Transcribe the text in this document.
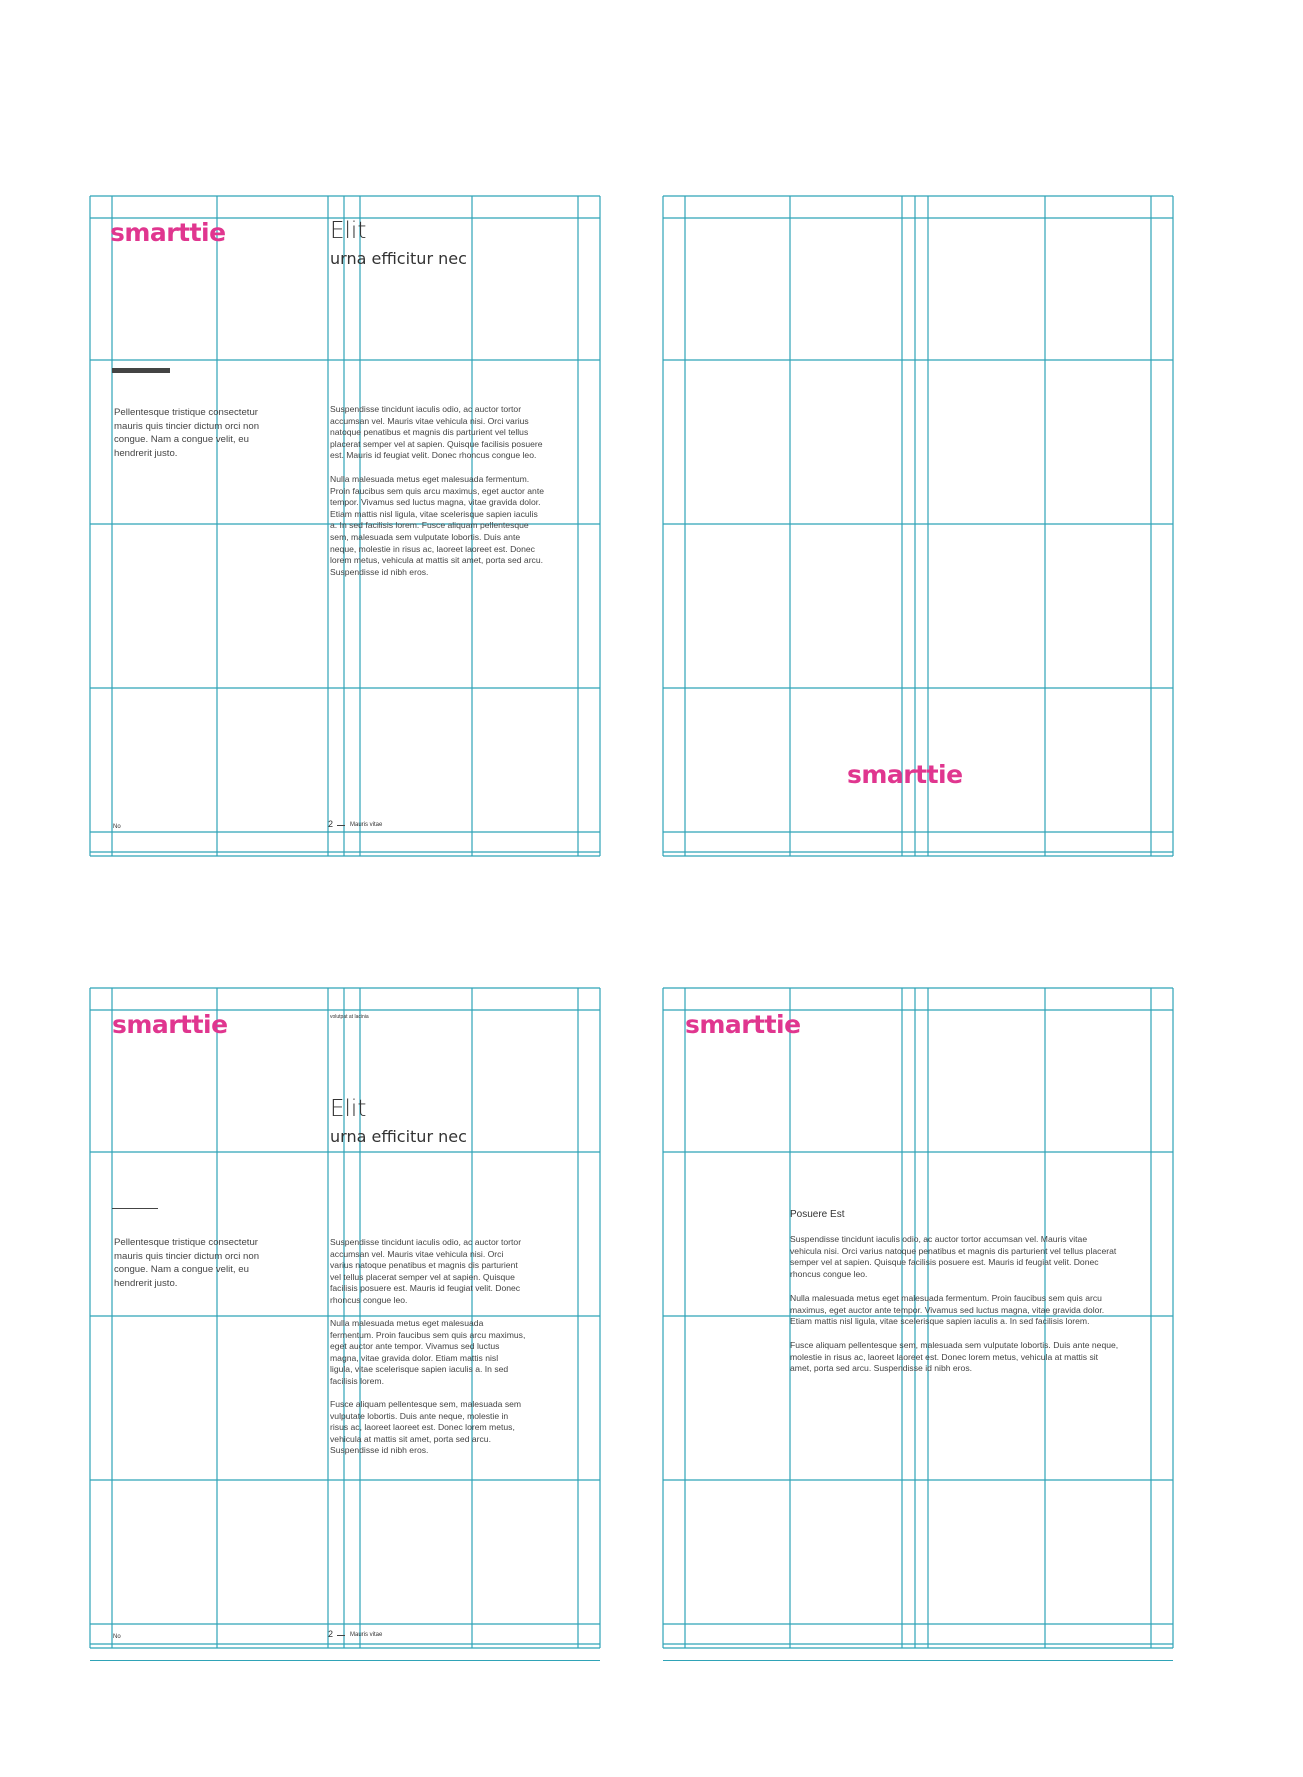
smarttie	Elit
urna efficitur nec
Pellentesque tristique consectetur
mauris quis tincier dictum orci non
congue. Nam a congue velit, eu
hendrerit justo.
Suspendisse tincidunt iaculis odio, ac auctor tortor
accumsan vel. Mauris vitae vehicula nisi. Orci varius
natoque penatibus et magnis dis parturient vel tellus
placerat semper vel at sapien. Quisque facilisis posuere
est. Mauris id feugiat velit. Donec rhoncus congue leo.
Nulla malesuada metus eget malesuada fermentum.
Proin faucibus sem quis arcu maximus, eget auctor ante
tempor. Vivamus sed luctus magna, vitae gravida dolor.
Etiam mattis nisl ligula, vitae scelerisque sapien iaculis
a. In sed facilisis lorem. Fusce aliquam pellentesque
sem, malesuada sem vulputate lobortis. Duis ante
neque, molestie in risus ac, laoreet laoreet est. Donec
lorem metus, vehicula at mattis sit amet, porta sed arcu.
Suspendisse id nibh eros.
No	2	Mauris vitae
smarttie
smarttie	volutpat at lacinia
Elit
urna efficitur nec
Pellentesque tristique consectetur
mauris quis tincier dictum orci non
congue. Nam a congue velit, eu
hendrerit justo.
Suspendisse tincidunt iaculis odio, ac auctor tortor
accumsan vel. Mauris vitae vehicula nisi. Orci
varius natoque penatibus et magnis dis parturient
vel tellus placerat semper vel at sapien. Quisque
facilisis posuere est. Mauris id feugiat velit. Donec
rhoncus congue leo.
Nulla malesuada metus eget malesuada
fermentum. Proin faucibus sem quis arcu maximus,
eget auctor ante tempor. Vivamus sed luctus
magna, vitae gravida dolor. Etiam mattis nisl
ligula, vitae scelerisque sapien iaculis a. In sed
facilisis lorem.
Fusce aliquam pellentesque sem, malesuada sem
vulputate lobortis. Duis ante neque, molestie in
risus ac, laoreet laoreet est. Donec lorem metus,
vehicula at mattis sit amet, porta sed arcu.
Suspendisse id nibh eros.
No	2	Mauris vitae
smarttie
Posuere Est
Suspendisse tincidunt iaculis odio, ac auctor tortor accumsan vel. Mauris vitae
vehicula nisi. Orci varius natoque penatibus et magnis dis parturient vel tellus placerat
semper vel at sapien. Quisque facilisis posuere est. Mauris id feugiat velit. Donec
rhoncus congue leo.
Nulla malesuada metus eget malesuada fermentum. Proin faucibus sem quis arcu
maximus, eget auctor ante tempor. Vivamus sed luctus magna, vitae gravida dolor.
Etiam mattis nisl ligula, vitae scelerisque sapien iaculis a. In sed facilisis lorem.
Fusce aliquam pellentesque sem, malesuada sem vulputate lobortis. Duis ante neque,
molestie in risus ac, laoreet laoreet est. Donec lorem metus, vehicula at mattis sit
amet, porta sed arcu. Suspendisse id nibh eros.
